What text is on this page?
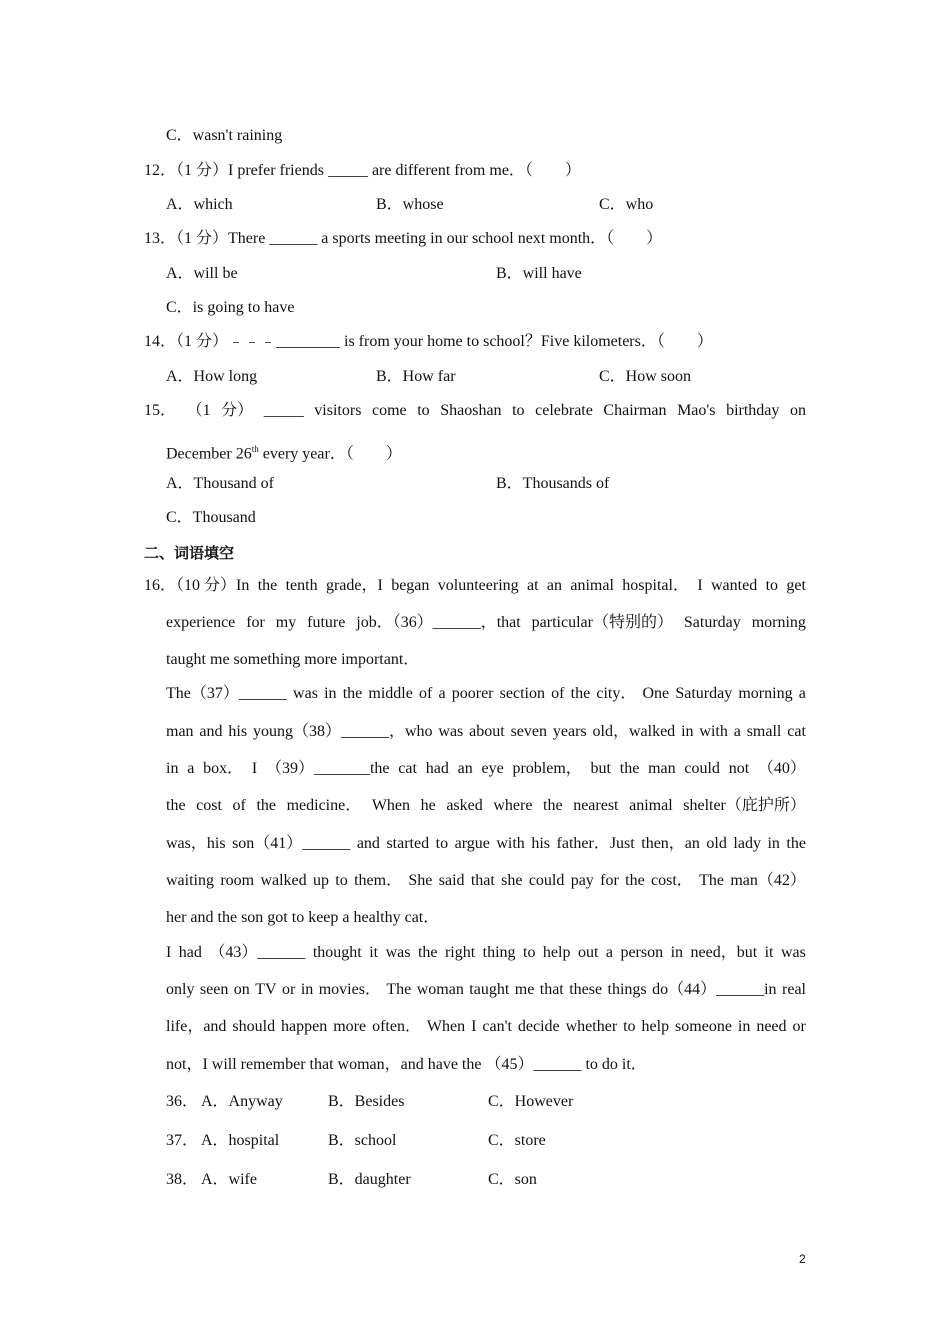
C．wasn't raining
12．（1 分）I prefer friends _____ are different from me．（　　）
A．which	B．whose	C．who
13．（1 分）There ______ a sports meeting in our school next month．（　　）
A．will be	B．will have
C．is going to have
14．（1 分）﹣﹣﹣________ is from your home to school？Five kilometers．（　　）
A．How long	B．How far	C．How soon
15． （1 分） _____ visitors come to Shaoshan to celebrate Chairman Mao's birthday on
December 26th every year．（　　）
A．Thousand of	B．Thousands of
C．Thousand
二、词语填空
16．（10 分）In the tenth grade，I began volunteering at an animal hospital． I wanted to get
experience for my future job．（36）______，that particular（特别的） Saturday morning
taught me something more important．
The（37）______ was in the middle of a poorer section of the city． One Saturday morning a
man and his young（38）______，who was about seven years old，walked in with a small cat
in a box． I （39）_______the cat had an eye problem， but the man could not （40）
the cost of the medicine． When he asked where the nearest animal shelter（庇护所）
was，his son（41）______ and started to argue with his father．Just then，an old lady in the
waiting room walked up to them． She said that she could pay for the cost． The man（42）
her and the son got to keep a healthy cat．
I had （43）______ thought it was the right thing to help out a person in need，but it was
only seen on TV or in movies． The woman taught me that these things do（44）______in real
life，and should happen more often． When I can't decide whether to help someone in need or
not，I will remember that woman，and have the （45）______ to do it．
36． A．Anyway	B．Besides	C．However
37． A．hospital	B．school	C．store
38． A．wife	B．daughter	C．son
2
